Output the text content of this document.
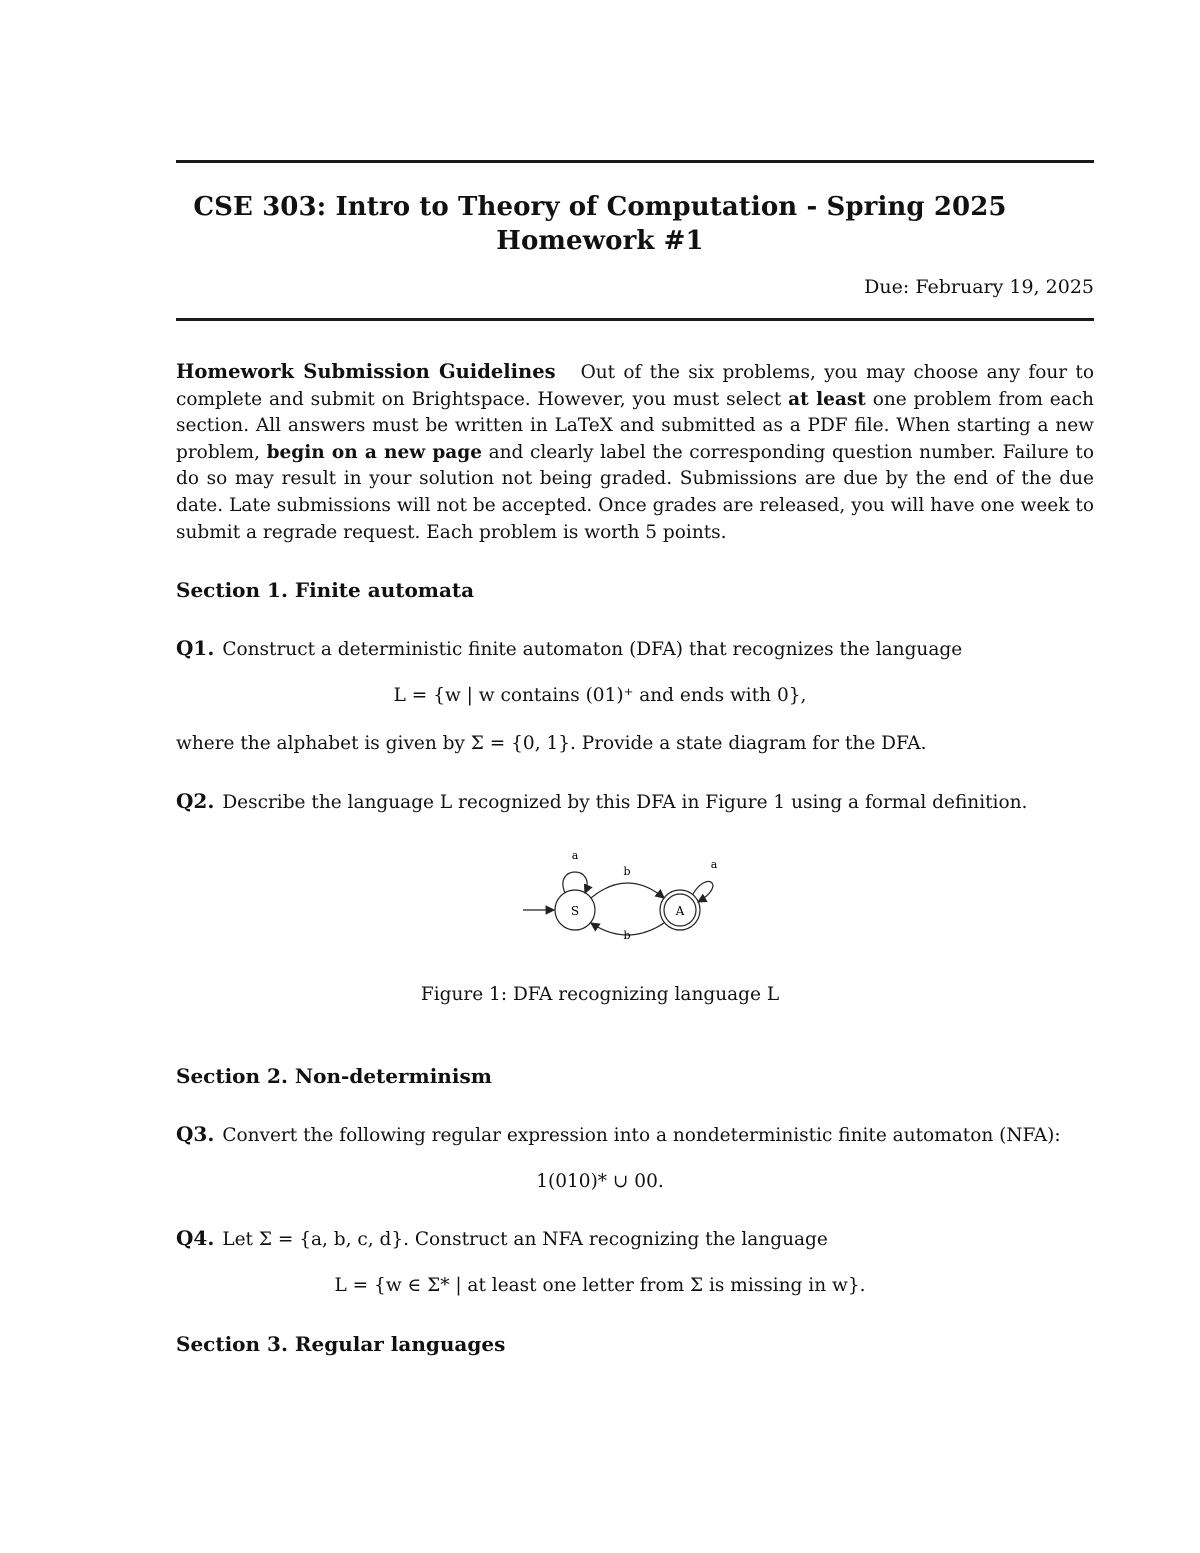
CSE 303: Intro to Theory of Computation - Spring 2025
Homework #1
Due: February 19, 2025
Homework Submission Guidelines Out of the six problems, you may choose any four to complete and submit on Brightspace. However, you must select at least one problem from each section. All answers must be written in LaTeX and submitted as a PDF file. When starting a new problem, begin on a new page and clearly label the corresponding question number. Failure to do so may result in your solution not being graded. Submissions are due by the end of the due date. Late submissions will not be accepted. Once grades are released, you will have one week to submit a regrade request. Each problem is worth 5 points.
Section 1. Finite automata
Q1. Construct a deterministic finite automaton (DFA) that recognizes the language
L = {w | w contains (01)⁺ and ends with 0},
where the alphabet is given by Σ = {0, 1}. Provide a state diagram for the DFA.
Q2. Describe the language L recognized by this DFA in Figure 1 using a formal definition.
S	A
a
a
b
b
Figure 1: DFA recognizing language L
Section 2. Non-determinism
Q3. Convert the following regular expression into a nondeterministic finite automaton (NFA):
1(010)* ∪ 00.
Q4. Let Σ = {a, b, c, d}. Construct an NFA recognizing the language
L = {w ∈ Σ* | at least one letter from Σ is missing in w}.
Section 3. Regular languages
